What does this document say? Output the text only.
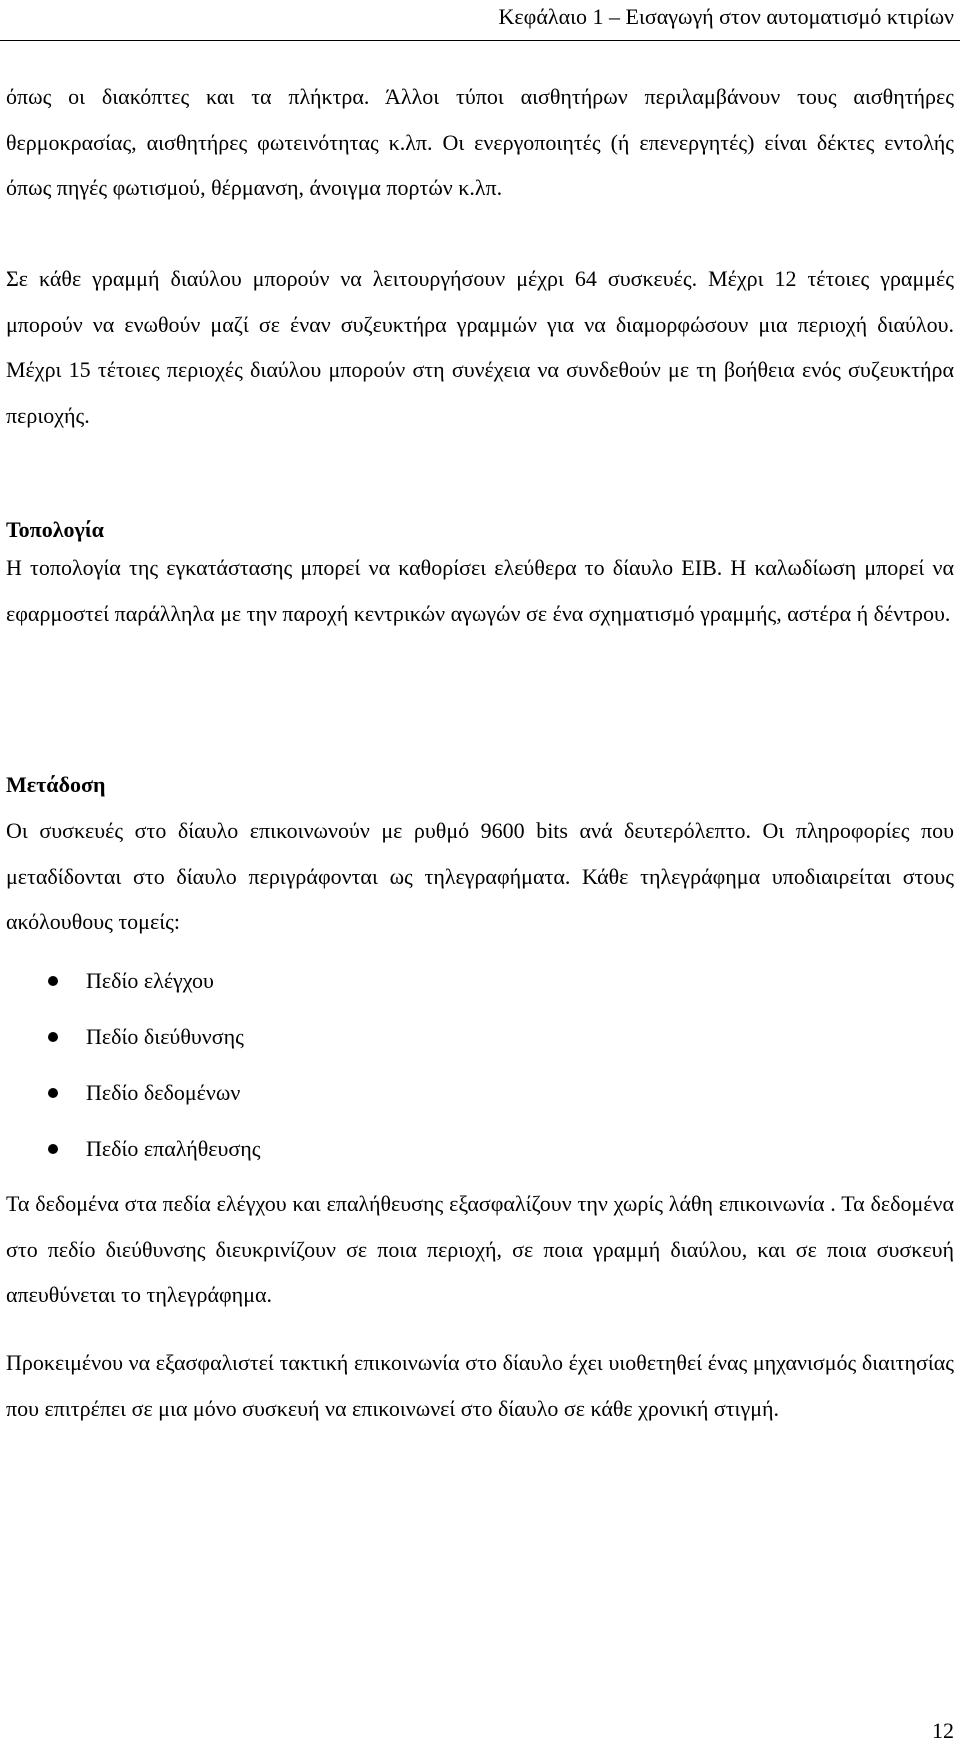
Κεφάλαιο 1 – Εισαγωγή στον αυτοματισμό κτιρίων

όπως οι διακόπτες και τα πλήκτρα. Άλλοι τύποι αισθητήρων περιλαμβάνουν τους αισθητήρες θερμοκρασίας, αισθητήρες φωτεινότητας κ.λπ. Οι ενεργοποιητές (ή επενεργητές) είναι δέκτες εντολής όπως πηγές φωτισμού, θέρμανση, άνοιγμα πορτών κ.λπ.

Σε κάθε γραμμή διαύλου μπορούν να λειτουργήσουν μέχρι 64 συσκευές. Μέχρι 12 τέτοιες γραμμές μπορούν να ενωθούν μαζί σε έναν συζευκτήρα γραμμών για να διαμορφώσουν μια περιοχή διαύλου. Μέχρι 15 τέτοιες περιοχές διαύλου μπορούν στη συνέχεια να συνδεθούν με τη βοήθεια ενός συζευκτήρα περιοχής.

Τοπολογία

Η τοπολογία της εγκατάστασης μπορεί να καθορίσει ελεύθερα το δίαυλο EIB. Η καλωδίωση μπορεί να εφαρμοστεί παράλληλα με την παροχή κεντρικών αγωγών σε ένα σχηματισμό γραμμής, αστέρα ή δέντρου.

Μετάδοση

Οι συσκευές στο δίαυλο επικοινωνούν με ρυθμό 9600 bits ανά δευτερόλεπτο. Οι πληροφορίες που μεταδίδονται στο δίαυλο περιγράφονται ως τηλεγραφήματα. Κάθε τηλεγράφημα υποδιαιρείται στους ακόλουθους τομείς:

Πεδίο ελέγχου
Πεδίο διεύθυνσης
Πεδίο δεδομένων
Πεδίο επαλήθευσης

Τα δεδομένα στα πεδία ελέγχου και επαλήθευσης εξασφαλίζουν την χωρίς λάθη επικοινωνία . Τα δεδομένα στο πεδίο διεύθυνσης διευκρινίζουν σε ποια περιοχή, σε ποια γραμμή διαύλου, και σε ποια συσκευή απευθύνεται το τηλεγράφημα.

Προκειμένου να εξασφαλιστεί τακτική επικοινωνία στο δίαυλο έχει υιοθετηθεί ένας μηχανισμός διαιτησίας που επιτρέπει σε μια μόνο συσκευή να επικοινωνεί στο δίαυλο σε κάθε χρονική στιγμή.

12
